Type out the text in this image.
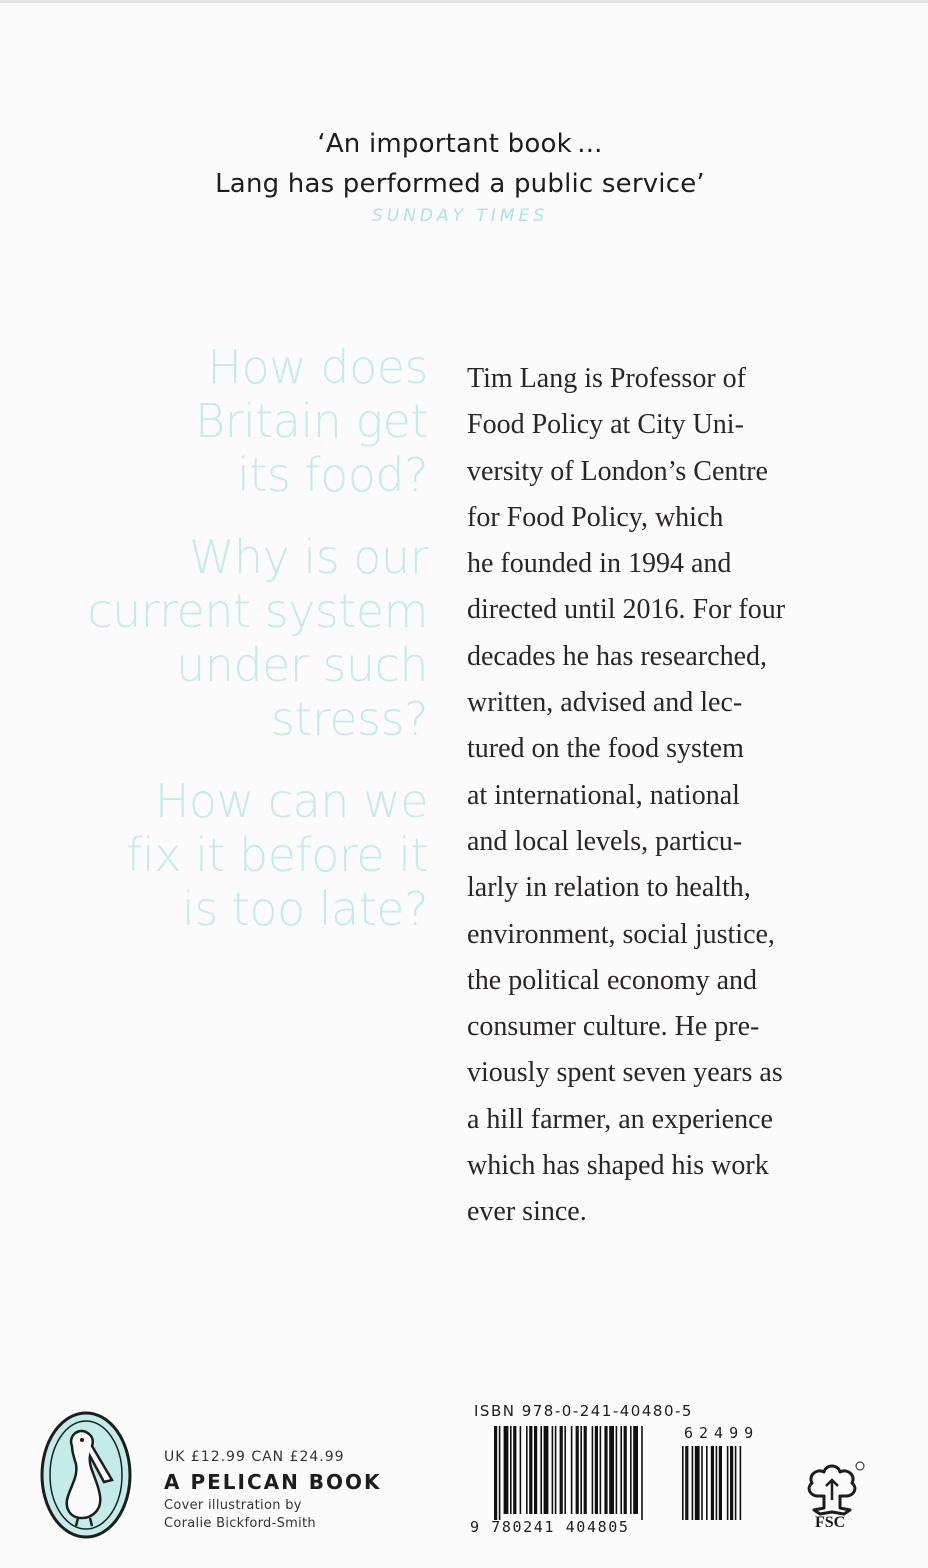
‘An important book ...
Lang has performed a public service’
SUNDAY TIMES
How does
Britain get
its food?
Why is our
current system
under such
stress?
How can we
fix it before it
is too late?
Tim Lang is Professor of
Food Policy at City Uni-
versity of London’s Centre
for Food Policy, which
he founded in 1994 and
directed until 2016. For four
decades he has researched,
written, advised and lec-
tured on the food system
at international, national
and local levels, particu-
larly in relation to health,
environment, social justice,
the political economy and
consumer culture. He pre-
viously spent seven years as
a hill farmer, an experience
which has shaped his work
ever since.
UK £12.99 CAN £24.99
A PELICAN BOOK
Cover illustration by
Coralie Bickford-Smith
ISBN 978-0-241-40480-5
62499
9 780241 404805	FSC
